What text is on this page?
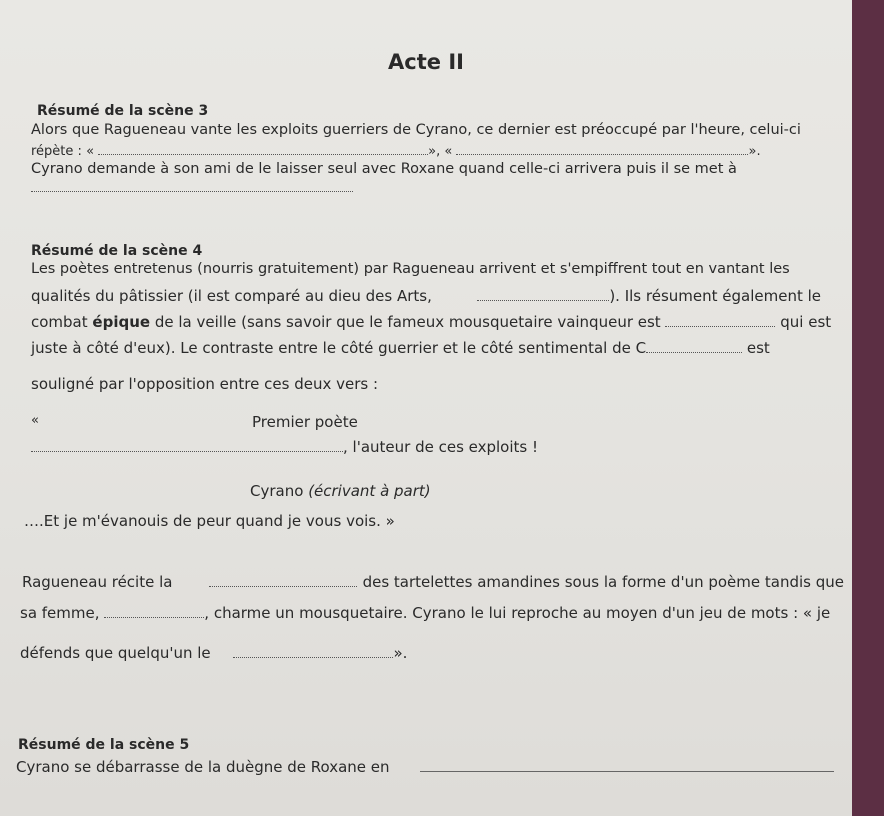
Acte II
Résumé de la scène 3
Alors que Ragueneau vante les exploits guerriers de Cyrano, ce dernier est préoccupé par l'heure, celui-ci
répète : «	», «	».
Cyrano demande à son ami de le laisser seul avec Roxane quand celle-ci arrivera puis il se met à
Résumé de la scène 4
Les poètes entretenus (nourris gratuitement) par Ragueneau arrivent et s'empiffrent tout en vantant les
qualités du pâtissier (il est comparé au dieu des Arts,	). Ils résument également le
combat épique de la veille (sans savoir que le fameux mousquetaire vainqueur est	qui est
juste à côté d'eux). Le contraste entre le côté guerrier et le côté sentimental de C	est
souligné par l'opposition entre ces deux vers :
«	Premier poète
, l'auteur de ces exploits !
Cyrano (écrivant à part)
….Et je m'évanouis de peur quand je vous vois. »
Ragueneau récite la	des tartelettes amandines sous la forme d'un poème tandis que
sa femme,	, charme un mousquetaire. Cyrano le lui reproche au moyen d'un jeu de mots : « je
défends que quelqu'un le	».
Résumé de la scène 5
Cyrano se débarrasse de la duègne de Roxane en
